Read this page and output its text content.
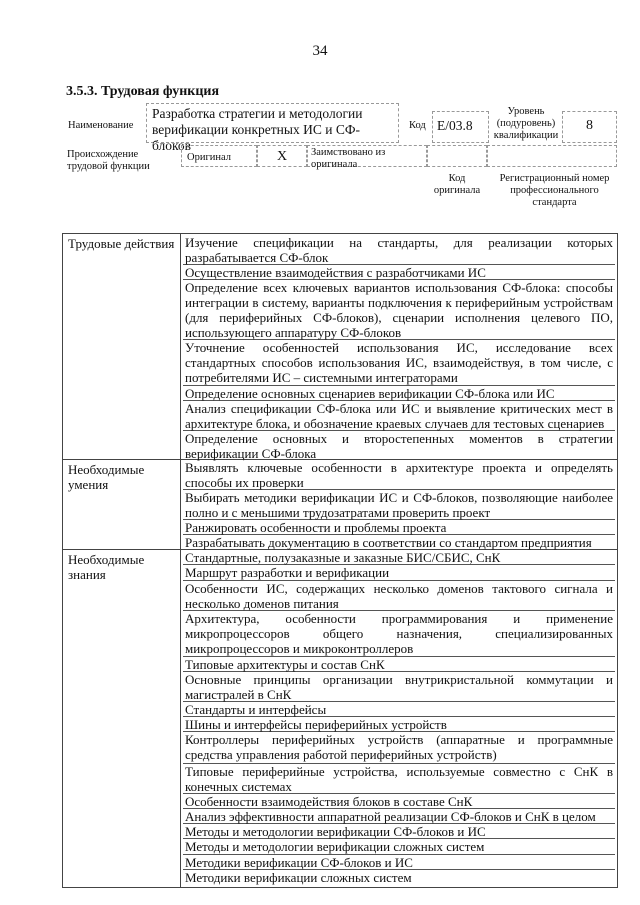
34
3.5.3. Трудовая функция
Наименование
Разработка стратегии и методологии верификации конкретных ИС и СФ-блоков
Код E/03.8
Уровень (подуровень) квалификации
8
Происхождение трудовой функции
Оригинал	X	Заимствовано из оригинала
Код оригинала
Регистрационный номер профессионального стандарта
Трудовые действия
Необходимые умения
Необходимые знания
Изучение спецификации на стандарты, для реализации которых разрабатывается СФ-блок
Осуществление взаимодействия с разработчиками ИС
Определение всех ключевых вариантов использования СФ-блока: способы интеграции в систему, варианты подключения к периферийным устройствам (для периферийных СФ-блоков), сценарии исполнения целевого ПО, использующего аппаратуру СФ-блоков
Уточнение особенностей использования ИС, исследование всех стандартных способов использования ИС, взаимодействуя, в том числе, с потребителями ИС – системными интеграторами
Определение основных сценариев верификации СФ-блока или ИС
Анализ спецификации СФ-блока или ИС и выявление критических мест в архитектуре блока, и обозначение краевых случаев для тестовых сценариев
Определение основных и второстепенных моментов в стратегии верификации СФ-блока
Выявлять ключевые особенности в архитектуре проекта и определять способы их проверки
Выбирать методики верификации ИС и СФ-блоков, позволяющие наиболее полно и с меньшими трудозатратами проверить проект
Ранжировать особенности и проблемы проекта
Разрабатывать документацию в соответствии со стандартом предприятия
Стандартные, полузаказные и заказные БИС/СБИС, СнК
Маршрут разработки и верификации
Особенности ИС, содержащих несколько доменов тактового сигнала и несколько доменов питания
Архитектура, особенности программирования и применение микропроцессоров общего назначения, специализированных микропроцессоров и микроконтроллеров
Типовые архитектуры и состав СнК
Основные принципы организации внутрикристальной коммутации и магистралей в СнК
Стандарты и интерфейсы
Шины и интерфейсы периферийных устройств
Контроллеры периферийных устройств (аппаратные и программные средства управления работой периферийных устройств)
Типовые периферийные устройства, используемые совместно с СнК в конечных системах
Особенности взаимодействия блоков в составе СнК
Анализ эффективности аппаратной реализации СФ-блоков и СнК в целом
Методы и методологии верификации СФ-блоков и ИС
Методы и методологии верификации сложных систем
Методики верификации СФ-блоков и ИС
Методики верификации сложных систем
